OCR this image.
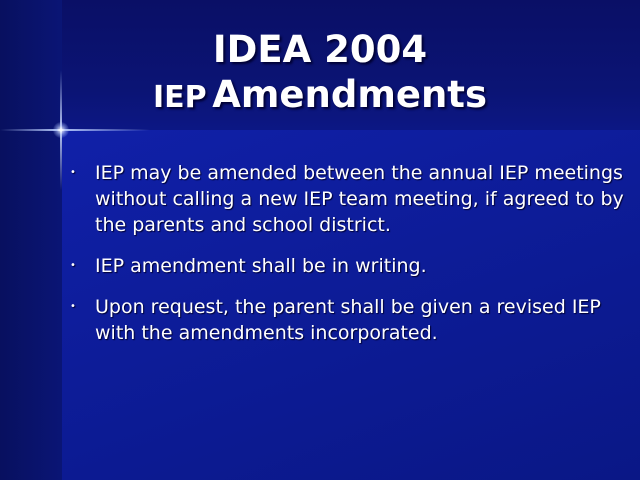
IDEA 2004
IEP Amendments
• IEP may be amended between the annual IEP meetings without calling a new IEP team meeting, if agreed to by the parents and school district.
• IEP amendment shall be in writing.
• Upon request, the parent shall be given a revised IEP with the amendments incorporated.
